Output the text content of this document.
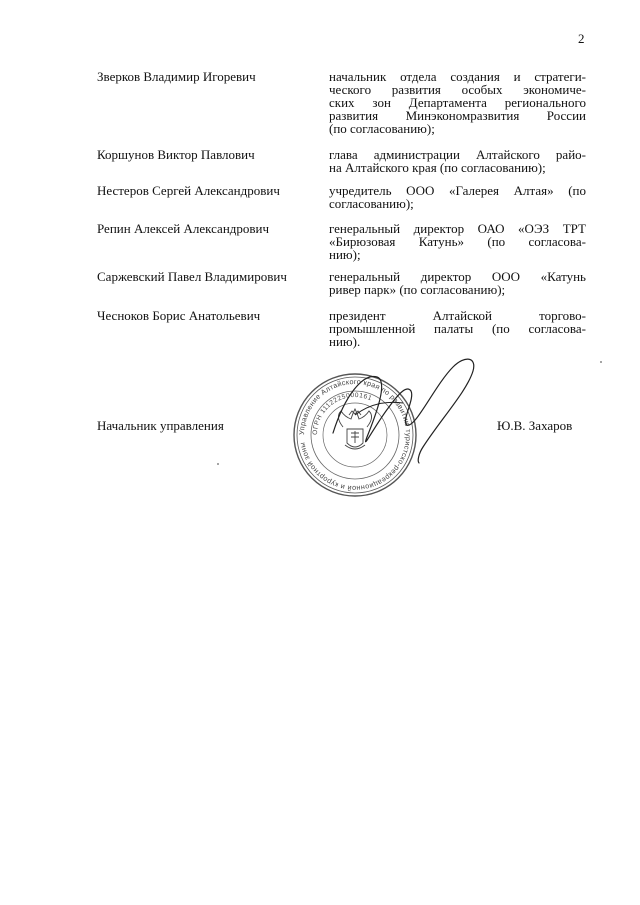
2
Зверков Владимир Игоревич	начальник отдела создания и стратеги-
ческого развития особых экономиче-
ских зон Департамента регионального
развития Минэкономразвития России
(по согласованию);
Коршунов Виктор Павлович	глава администрации Алтайского райо-
на Алтайского края (по согласованию);
Нестеров Сергей Александрович	учредитель ООО «Галерея Алтая» (по
согласованию);
Репин Алексей Александрович	генеральный директор ОАО «ОЭЗ ТРТ
«Бирюзовая Катунь» (по согласова-
нию);
Саржевский Павел Владимирович	генеральный директор ООО «Катунь
ривер парк» (по согласованию);
Чесноков Борис Анатольевич	президент Алтайской торгово-
промышленной палаты (по согласова-
нию).
Начальник управления	Управление Алтайского края по развитию туристско-рекреационной и курортной зоны
ОГРН 1112225000161
Ю.В. Захаров
